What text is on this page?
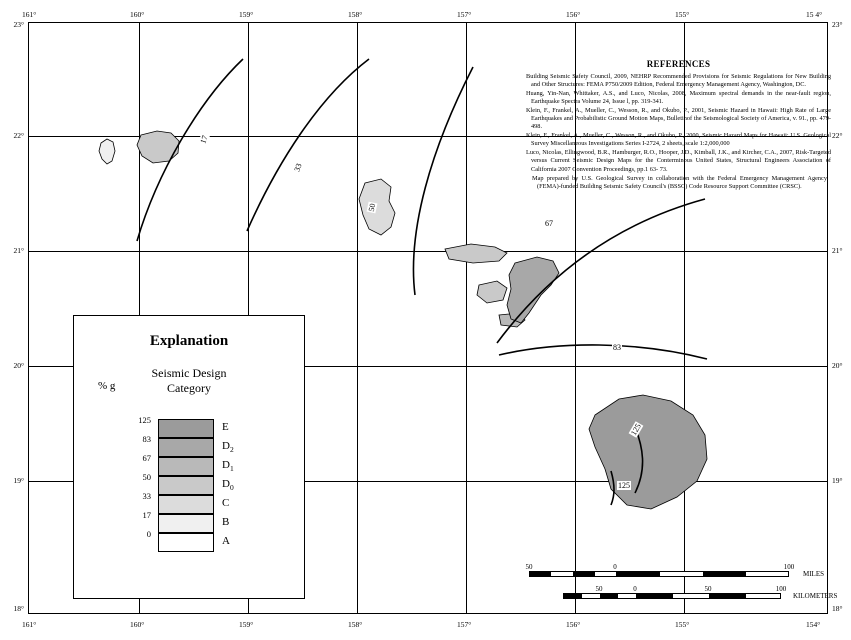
17
33
50
67
83
125
125
REFERENCES
Building Seismic Safety Council, 2009, NEHRP Recommended Provisions for Seismic Regulations for New Building and Other Structures: FEMA P750/2009 Edition, Federal Emergency Management Agency, Washington, DC.
Huang, Yin-Nan, Whittaker, A.S., and Luco, Nicolas, 2008, Maximum spectral demands in the near-fault region, Earthquake Spectra Volume 24, Issue l, pp. 319-341.
Klein, F., Frankel, A., Mueller, C., Wesson, R., and Okubo, P., 2001, Seismic Hazard in Hawaii: High Rate of Large Earthquakes and Probabilistic Ground Motion Maps, Bulletinof the Seismological Society of America, v. 91., pp. 479-498.
Klein, F., Frankel, A., Mueller, C., Wesson, R., and Okubo, P., 2000, Seismic Hazard Maps for Hawaii: U.S. Geological Survey Miscellaneous Investigations Series I-2724, 2 sheets, scale 1:2,000,000
Luco, Nicolas, Ellingwood, B.R., Hamburger, R.O., Hooper, J.D., Kimball, J.K., and Kircher, C.A., 2007, Risk-Targeted versus Current Seismic Design Maps for the Conterminous United States, Structural Engineers Association of California 2007 Convention Proceedings, pp.1 63- 73.
Map prepared by U.S. Geological Survey in collaboration with the Federal Emergency Management Agency (FEMA)-funded Building Seismic Safety Council's (BSSC) Code Resource Support Committee (CRSC).
Explanation
Seismic Design
Category
% g
125
E
83
$D_2$
67
$D_1$
50
$D_0$
33
C
17
B
0
A
50	0	100
MILES
50	0	50	100
KILOMETERS
161°	160°	159°	158°	157°	156°	155°	15 4°
161°	160°	159°	158°	157°	156°	155°	154°
23°
22°
21°
20°
19°
18°
23°
22°
21°
20°
19°
18°
